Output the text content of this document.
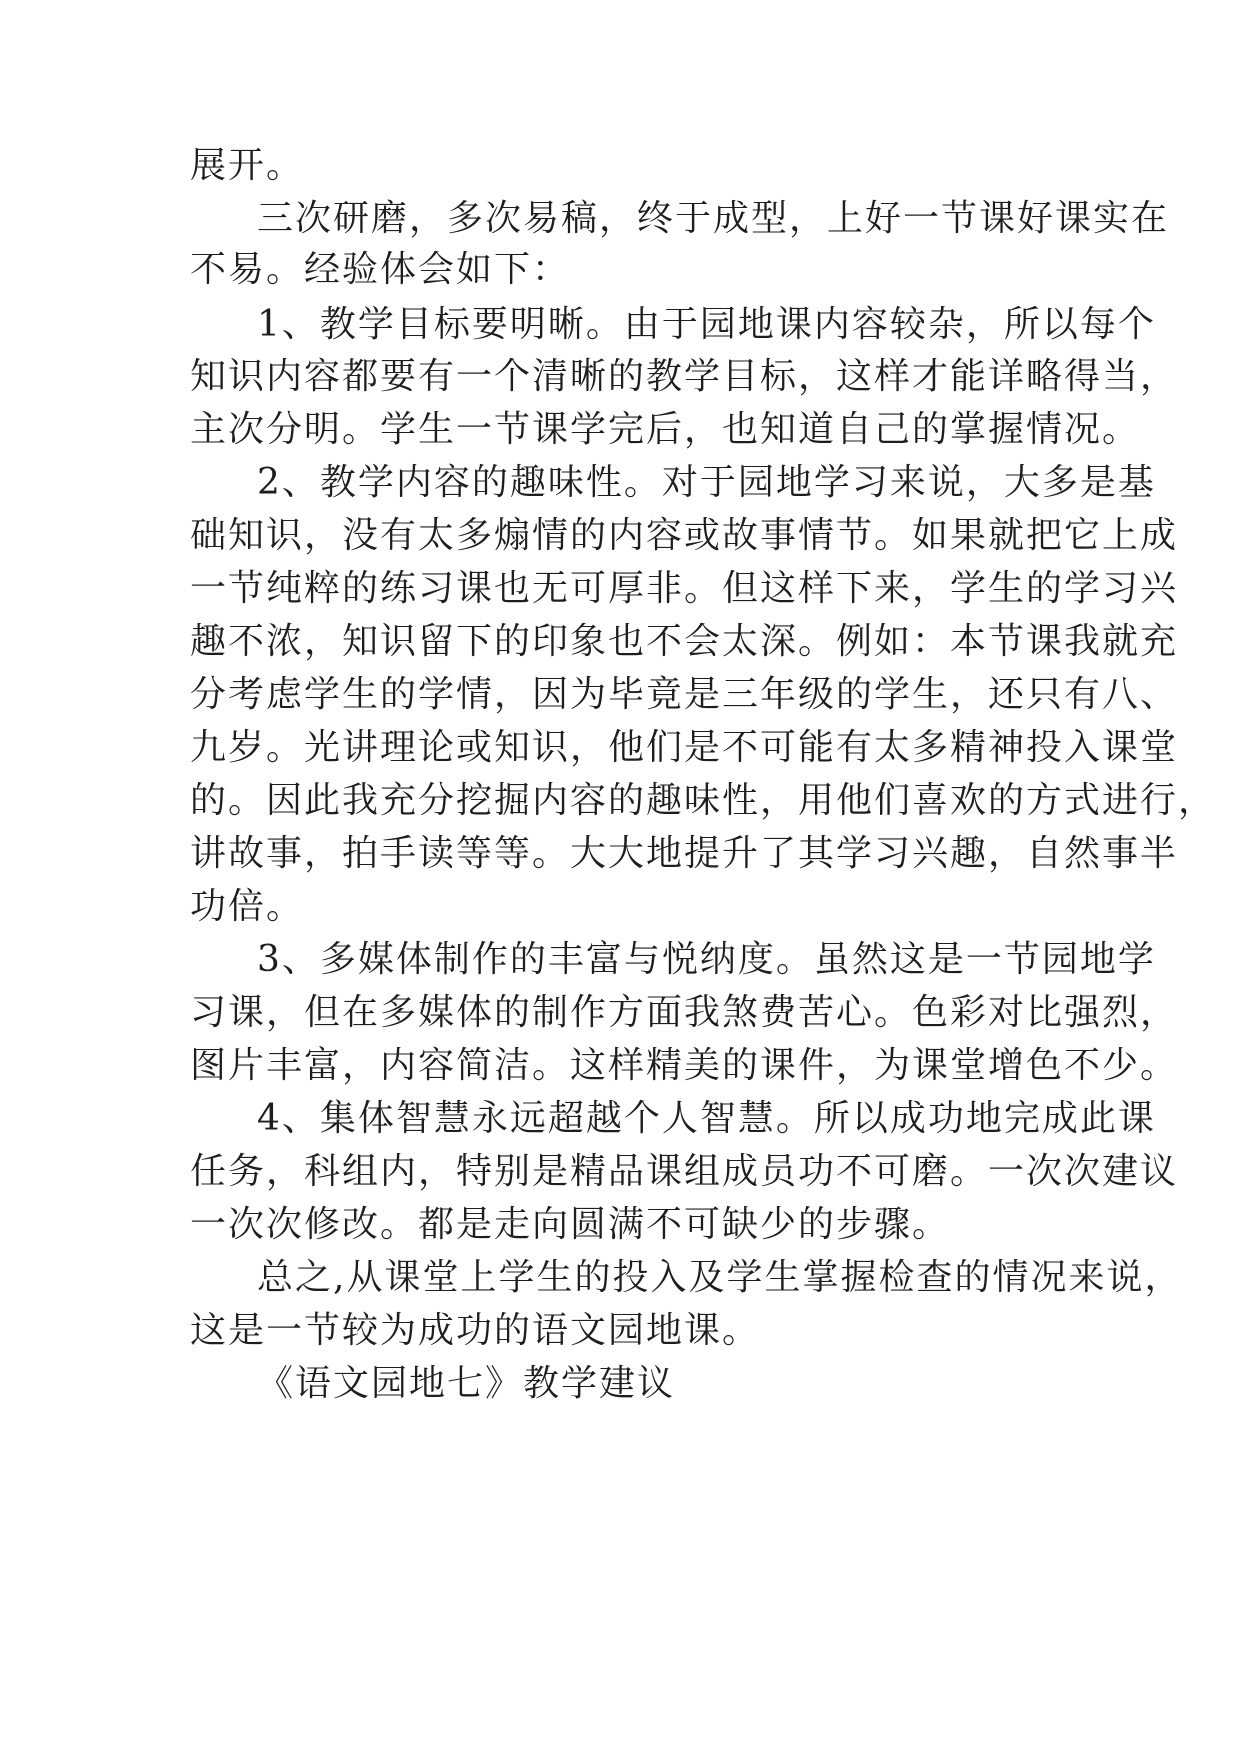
展开。

三次研磨，多次易稿，终于成型，上好一节课好课实在

不易。经验体会如下：

1、教学目标要明晰。由于园地课内容较杂，所以每个

知识内容都要有一个清晰的教学目标，这样才能详略得当，

主次分明。学生一节课学完后，也知道自己的掌握情况。

2、教学内容的趣味性。对于园地学习来说，大多是基

础知识，没有太多煽情的内容或故事情节。如果就把它上成

一节纯粹的练习课也无可厚非。但这样下来，学生的学习兴

趣不浓，知识留下的印象也不会太深。例如：本节课我就充

分考虑学生的学情，因为毕竟是三年级的学生，还只有八、

九岁。光讲理论或知识，他们是不可能有太多精神投入课堂

的。因此我充分挖掘内容的趣味性，用他们喜欢的方式进行，

讲故事，拍手读等等。大大地提升了其学习兴趣，自然事半

功倍。

3、多媒体制作的丰富与悦纳度。虽然这是一节园地学

习课，但在多媒体的制作方面我煞费苦心。色彩对比强烈，

图片丰富，内容简洁。这样精美的课件，为课堂增色不少。

4、集体智慧永远超越个人智慧。所以成功地完成此课

任务，科组内，特别是精品课组成员功不可磨。一次次建议

一次次修改。都是走向圆满不可缺少的步骤。

总之,从课堂上学生的投入及学生掌握检查的情况来说，

这是一节较为成功的语文园地课。

《语文园地七》教学建议
